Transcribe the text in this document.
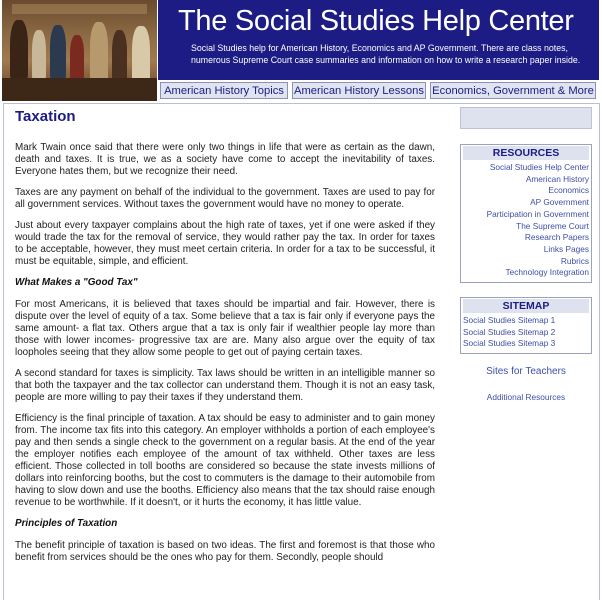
The Social Studies Help Center
Social Studies help for American History, Economics and AP Government. There are class notes, numerous Supreme Court case summaries and information on how to write a research paper inside.
American History Topics American History Lessons Economics, Government & More
Taxation

Mark Twain once said that there were only two things in life that were as certain as the dawn, death and taxes. It is true, we as a society have come to accept the inevitability of taxes. Everyone hates them, but we recognize their need.

Taxes are any payment on behalf of the individual to the government. Taxes are used to pay for all government services. Without taxes the government would have no money to operate.

Just about every taxpayer complains about the high rate of taxes, yet if one were asked if they would trade the tax for the removal of service, they would rather pay the tax. In order for taxes to be acceptable, however, they must meet certain criteria. In order for a tax to be successful, it must be equitable, simple, and efficient.

What Makes a "Good Tax"

For most Americans, it is believed that taxes should be impartial and fair. However, there is dispute over the level of equity of a tax. Some believe that a tax is fair only if everyone pays the same amount- a flat tax. Others argue that a tax is only fair if wealthier people lay more than those with lower incomes- progressive tax are are. Many also argue over the equity of tax loopholes seeing that they allow some people to get out of paying certain taxes.

A second standard for taxes is simplicity. Tax laws should be written in an intelligible manner so that both the taxpayer and the tax collector can understand them. Though it is not an easy task, people are more willing to pay their taxes if they understand them.

Efficiency is the final principle of taxation. A tax should be easy to administer and to gain money from. The income tax fits into this category. An employer withholds a portion of each employee's pay and then sends a single check to the government on a regular basis. At the end of the year the employer notifies each employee of the amount of tax withheld. Other taxes are less efficient. Those collected in toll booths are considered so because the state invests millions of dollars into reinforcing booths, but the cost to commuters is the damage to their automobile from having to slow down and use the booths. Efficiency also means that the tax should raise enough revenue to be worthwhile. If it doesn't, or it hurts the economy, it has little value.

Principles of Taxation

The benefit principle of taxation is based on two ideas. The first and foremost is that those who benefit from services should be the ones who pay for them. Secondly, people should

RESOURCES
Social Studies Help Center
American History
Economics
AP Government
Participation in Government
The Supreme Court
Research Papers
Links Pages
Rubrics
Technology Integration
SITEMAP
Social Studies Sitemap 1
Social Studies Sitemap 2
Social Studies Sitemap 3
Sites for Teachers
Additional Resources
